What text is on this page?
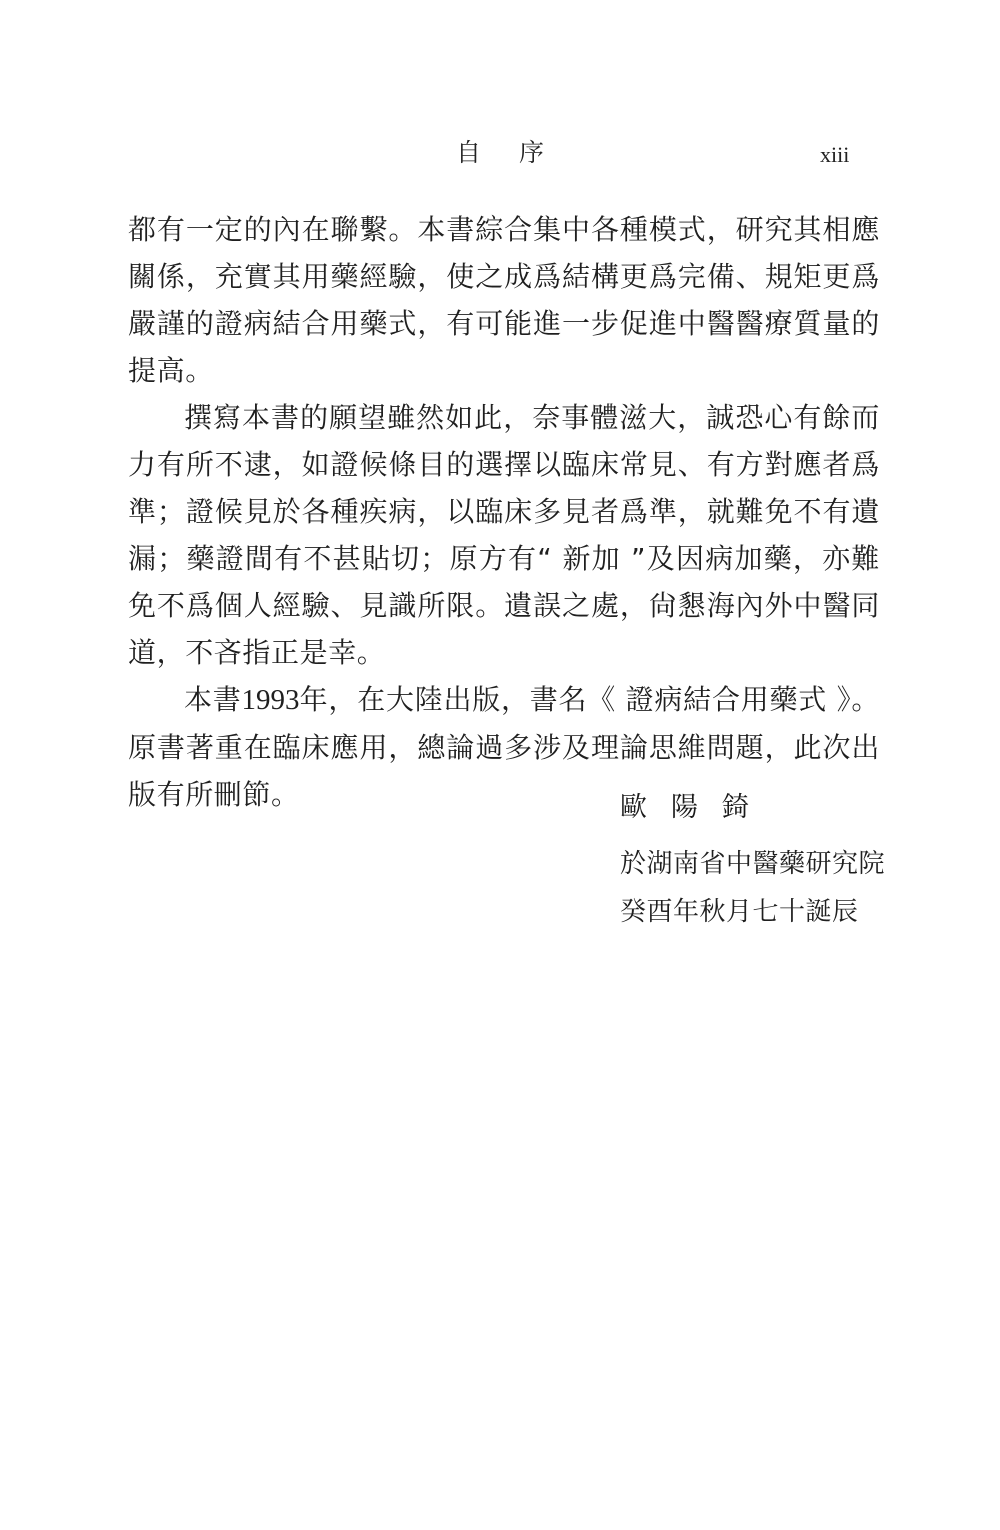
自序	xiii

都有一定的內在聯繫。本書綜合集中各種模式，研究其相應關係，充實其用藥經驗，使之成爲結構更爲完備、規矩更爲嚴謹的證病結合用藥式，有可能進一步促進中醫醫療質量的提高。

撰寫本書的願望雖然如此，奈事體滋大，誠恐心有餘而力有所不逮，如證候條目的選擇以臨床常見、有方對應者爲準；證候見於各種疾病，以臨床多見者爲準，就難免不有遺漏；藥證間有不甚貼切；原方有“ 新加 ”及因病加藥，亦難免不爲個人經驗、見識所限。遺誤之處，尙懇海內外中醫同道，不吝指正是幸。

本書1993年，在大陸出版，書名《 證病結合用藥式 》。原書著重在臨床應用，總論過多涉及理論思維問題，此次出版有所刪節。	歐陽錡
於湖南省中醫藥研究院
癸酉年秋月七十誕辰
